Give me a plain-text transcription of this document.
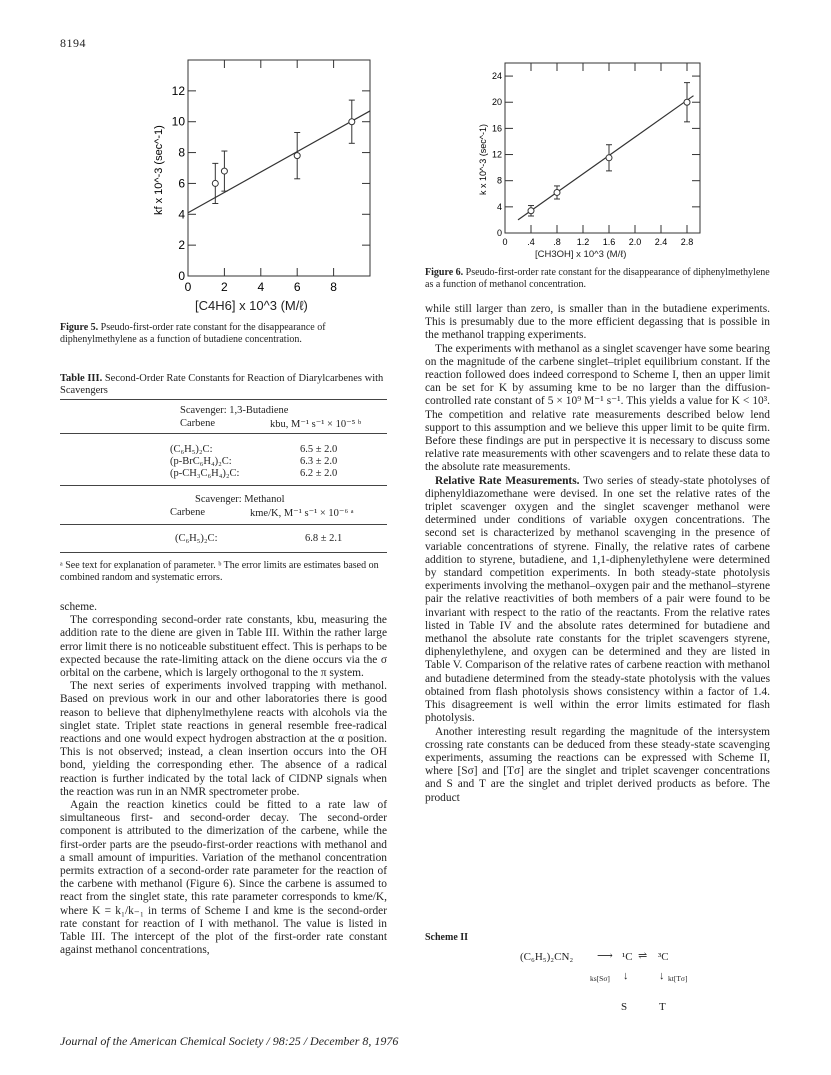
8194
0 2 4 6 8
0
2
4
6
8
10
12
kf x 10^-3 (sec^-1)
[C4H6] x 10^3 (M/ℓ)
Figure 5. Pseudo-first-order rate constant for the disappearance of diphenylmethylene as a function of butadiene concentration.
Table III. Second-Order Rate Constants for Reaction of Diarylcarbenes with Scavengers
Scavenger: 1,3-Butadiene
Carbene	kbu, M⁻¹ s⁻¹ × 10⁻⁵ ᵇ
(C₆H₅)₂C:	6.5 ± 2.0
(p-BrC₆H₄)₂C:	6.3 ± 2.0
(p-CH₃C₆H₄)₂C:	6.2 ± 2.0
Scavenger: Methanol
Carbene	kme/K, M⁻¹ s⁻¹ × 10⁻⁶ ᵃ
(C₆H₅)₂C:	6.8 ± 2.1
ᵃ See text for explanation of parameter. ᵇ The error limits are estimates based on combined random and systematic errors.

scheme.

The corresponding second-order rate constants, kbu, measuring the addition rate to the diene are given in Table III. Within the rather large error limit there is no noticeable substituent effect. This is perhaps to be expected because the rate-limiting attack on the diene occurs via the σ orbital on the carbene, which is largely orthogonal to the π system.

The next series of experiments involved trapping with methanol. Based on previous work in our and other laboratories there is good reason to believe that diphenylmethylene reacts with alcohols via the singlet state. Triplet state reactions in general resemble free-radical reactions and one would expect hydrogen abstraction at the α position. This is not observed; instead, a clean insertion occurs into the OH bond, yielding the corresponding ether. The absence of a radical reaction is further indicated by the total lack of CIDNP signals when the reaction was run in an NMR spectrometer probe.

Again the reaction kinetics could be fitted to a rate law of simultaneous first- and second-order decay. The second-order component is attributed to the dimerization of the carbene, while the first-order parts are the pseudo-first-order reactions with methanol and a small amount of impurities. Variation of the methanol concentration permits extraction of a second-order rate parameter for the reaction of the carbene with methanol (Figure 6). Since the carbene is assumed to react from the singlet state, this rate parameter corresponds to kme/K, where K = k₁/k₋₁ in terms of Scheme I and kme is the second-order rate constant for reaction of I with methanol. The value is listed in Table III. The intercept of the plot of the first-order rate constant against methanol concentrations,

0 .4 .8 1.2 1.6 2.0 2.4 2.8
0
4
8
12
16
20
24
k x 10^-3 (sec^-1)
[CH3OH] x 10^3 (M/ℓ)
Figure 6. Pseudo-first-order rate constant for the disappearance of diphenylmethylene as a function of methanol concentration.

while still larger than zero, is smaller than in the butadiene experiments. This is presumably due to the more efficient degassing that is possible in the methanol trapping experiments.

The experiments with methanol as a singlet scavenger have some bearing on the magnitude of the carbene singlet–triplet equilibrium constant. If the reaction followed does indeed correspond to Scheme I, then an upper limit can be set for K by assuming kme to be no larger than the diffusion-controlled rate constant of 5 × 10⁹ M⁻¹ s⁻¹. This yields a value for K < 10³. The competition and relative rate measurements described below lend support to this assumption and we believe this upper limit to be quite firm. Before these findings are put in perspective it is necessary to discuss some relative rate measurements with other scavengers and to relate these data to the absolute rate measurements.

Relative Rate Measurements. Two series of steady-state photolyses of diphenyldiazomethane were devised. In one set the relative rates of the triplet scavenger oxygen and the singlet scavenger methanol were determined under conditions of variable oxygen concentrations. The second set is characterized by methanol scavenging in the presence of variable concentrations of styrene. Finally, the relative rates of carbene addition to styrene, butadiene, and 1,1-diphenylethylene were determined by standard competition experiments. In both steady-state photolysis experiments involving the methanol–oxygen pair and the methanol–styrene pair the relative reactivities of both members of a pair were found to be invariant with respect to the ratio of the reactants. From the relative rates listed in Table IV and the absolute rates determined for butadiene and methanol the absolute rate constants for the triplet scavengers styrene, diphenylethylene, and oxygen can be determined and they are listed in Table V. Comparison of the relative rates of carbene reaction with methanol and butadiene determined from the steady-state photolysis with the values obtained from flash photolysis shows consistency within a factor of 1.4. This disagreement is well within the error limits estimated for flash photolysis.

Another interesting result regarding the magnitude of the intersystem crossing rate constants can be deduced from these steady-state scavenging experiments, assuming the reactions can be expressed with Scheme II, where [Sσ] and [Tσ] are the singlet and triplet scavenger concentrations and S and T are the singlet and triplet derived products as before. The product

Scheme II
(C₆H₅)₂CN₂ ⟶ ¹C ⇌ ³C
ks[Sσ] ↓	↓ kt[Tσ]
S	T
Journal of the American Chemical Society / 98:25 / December 8, 1976
